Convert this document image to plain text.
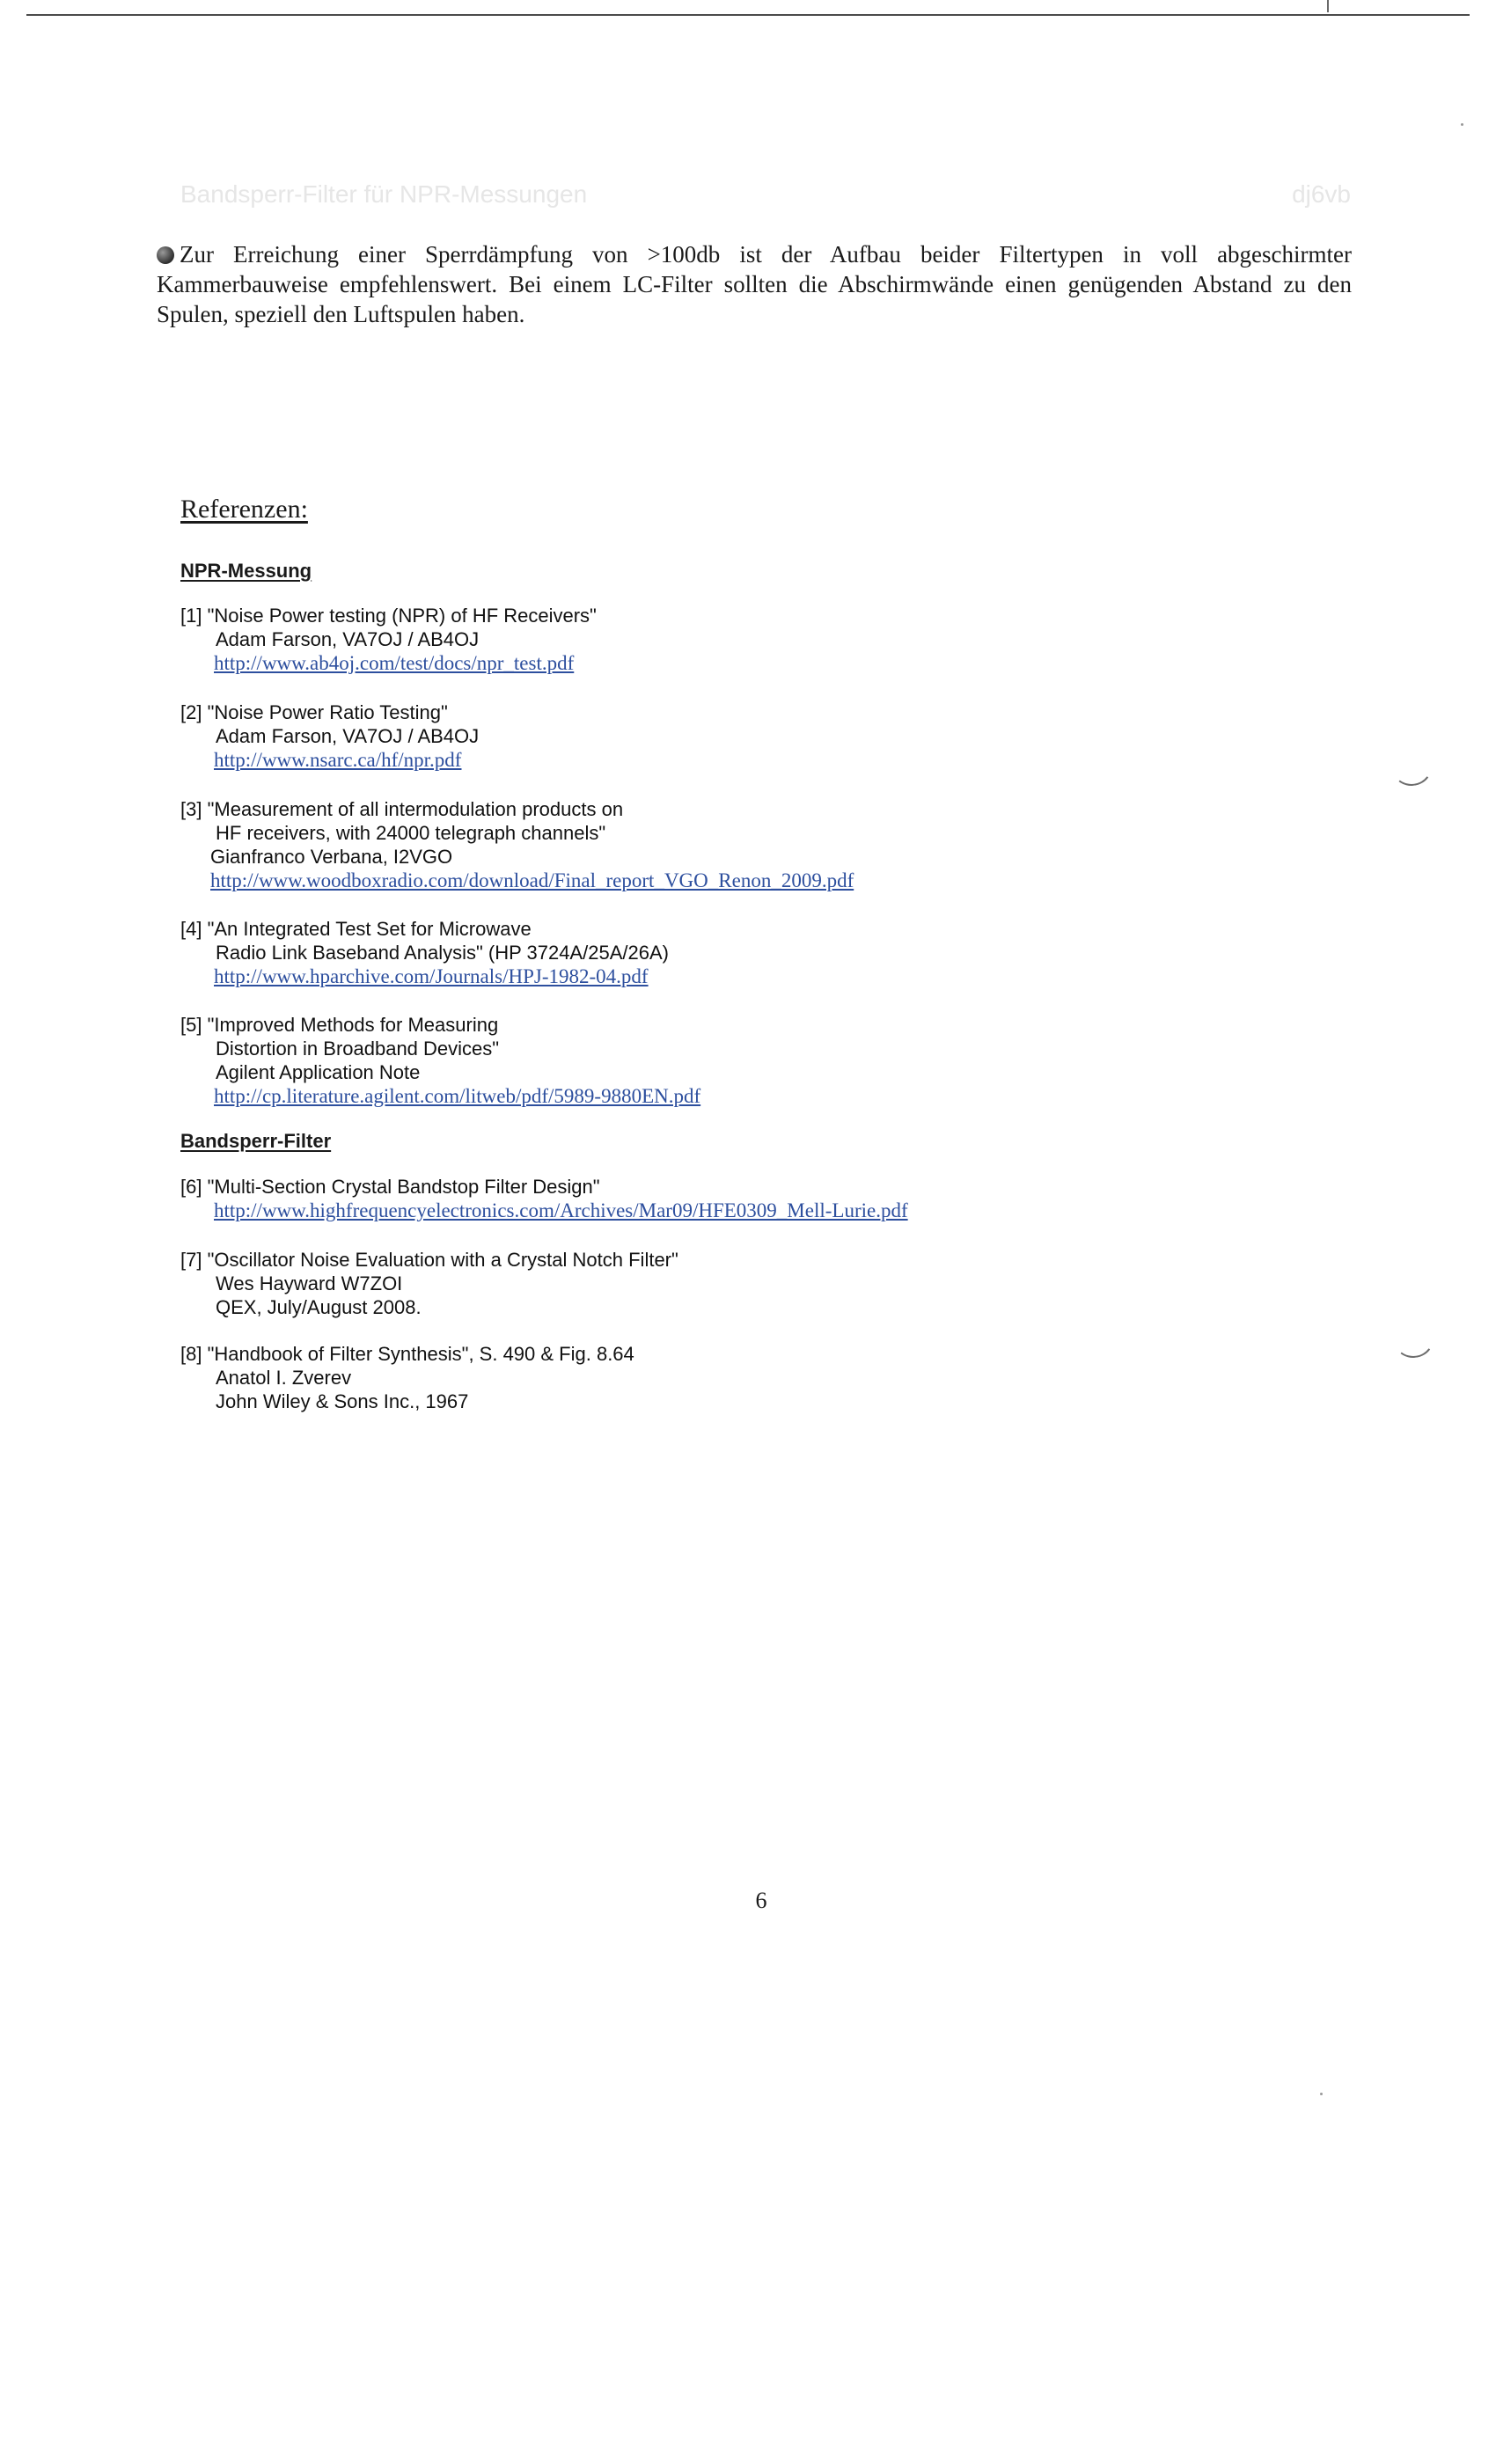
Bandsperr-Filter für NPR-Messungen	dj6vb
Zur Erreichung einer Sperrdämpfung von >100db ist der Aufbau beider Filtertypen in voll abgeschirmter Kammerbauweise empfehlenswert. Bei einem LC-Filter sollten die Abschirmwände einen genügenden Abstand zu den Spulen, speziell den Luftspulen haben.
Referenzen:
NPR-Messung
[1] "Noise Power testing (NPR) of HF Receivers"
Adam Farson, VA7OJ / AB4OJ
http://www.ab4oj.com/test/docs/npr_test.pdf
[2] "Noise Power Ratio Testing"
Adam Farson, VA7OJ / AB4OJ
http://www.nsarc.ca/hf/npr.pdf
[3] "Measurement of all intermodulation products on
HF receivers, with 24000 telegraph channels"
Gianfranco Verbana, I2VGO
http://www.woodboxradio.com/download/Final_report_VGO_Renon_2009.pdf
[4] "An Integrated Test Set for Microwave
Radio Link Baseband Analysis" (HP 3724A/25A/26A)
http://www.hparchive.com/Journals/HPJ-1982-04.pdf
[5] "Improved Methods for Measuring
Distortion in Broadband Devices"
Agilent Application Note
http://cp.literature.agilent.com/litweb/pdf/5989-9880EN.pdf
Bandsperr-Filter
[6] "Multi-Section Crystal Bandstop Filter Design"
http://www.highfrequencyelectronics.com/Archives/Mar09/HFE0309_Mell-Lurie.pdf
[7] "Oscillator Noise Evaluation with a Crystal Notch Filter"
Wes Hayward W7ZOI
QEX, July/August 2008.
[8] "Handbook of Filter Synthesis", S. 490 & Fig. 8.64
Anatol I. Zverev
John Wiley & Sons Inc., 1967
6
